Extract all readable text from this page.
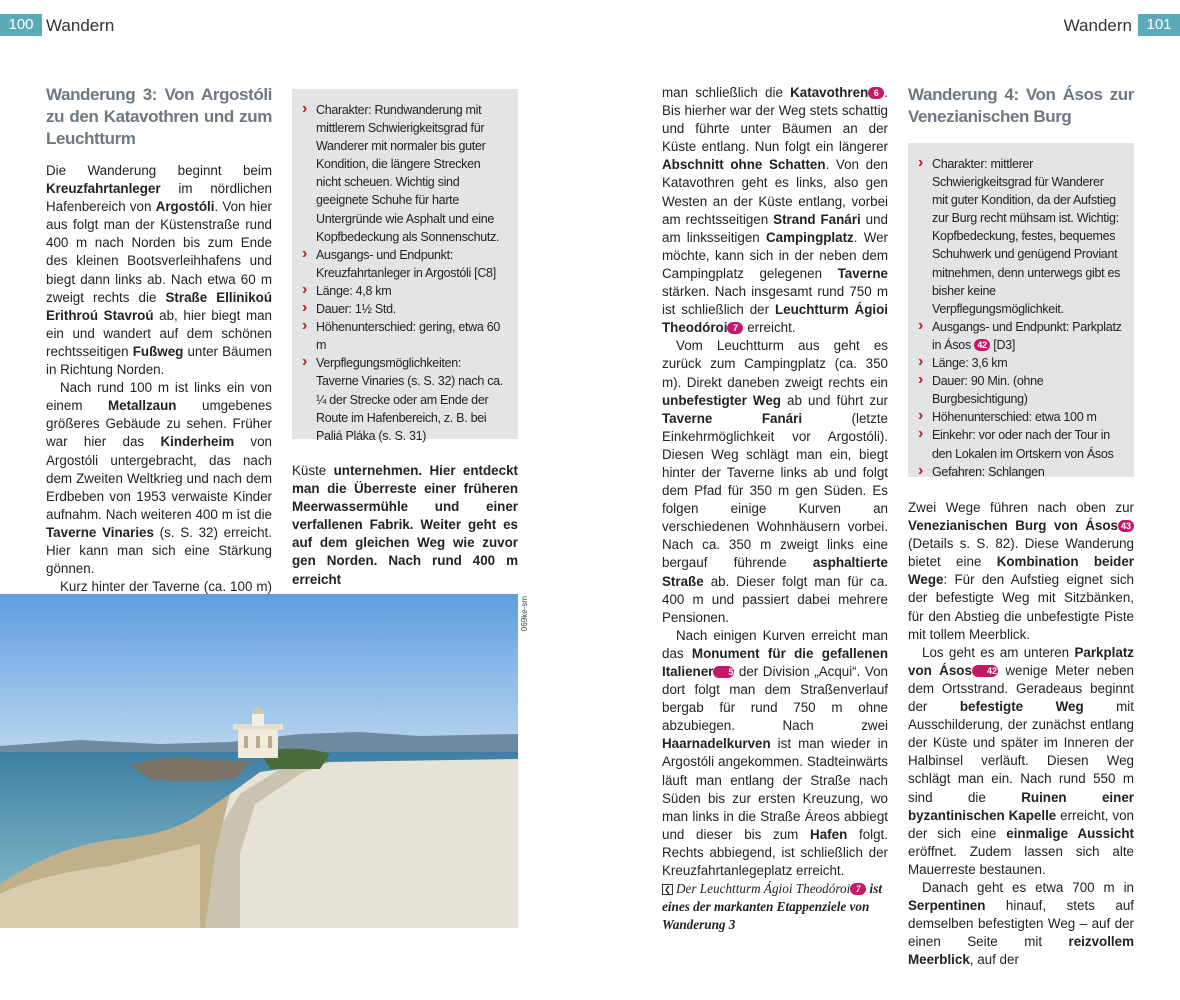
100 Wandern	Wandern 101
Wanderung 3: Von Argostóli zu den Katavothren und zum Leuchtturm

Die Wanderung beginnt beim Kreuzfahrtanleger im nördlichen Hafenbereich von Argostóli. Von hier aus folgt man der Küstenstraße rund 400 m nach Norden bis zum Ende des kleinen Bootsverleihhafens und biegt dann links ab. Nach etwa 60 m zweigt rechts die Straße Ellinikoú Erithroú Stavroú ab, hier biegt man ein und wandert auf dem schönen rechtsseitigen Fußweg unter Bäumen in Richtung Norden.

Nach rund 100 m ist links ein von einem Metallzaun umgebenes größeres Gebäude zu sehen. Früher war hier das Kinderheim von Argostóli untergebracht, das nach dem Zweiten Weltkrieg und nach dem Erdbeben von 1953 verwaiste Kinder aufnahm. Nach weiteren 400 m ist die Taverne Vinaries (s. S. 32) erreicht. Hier kann man sich eine Stärkung gönnen.

Kurz hinter der Taverne (ca. 100 m)

› Charakter: Rundwanderung mit mittlerem Schwierigkeitsgrad für Wanderer mit normaler bis guter Kondition, die längere Strecken nicht scheuen. Wichtig sind geeignete Schuhe für harte Untergründe wie Asphalt und eine Kopfbedeckung als Sonnenschutz.
› Ausgangs- und Endpunkt: Kreuzfahrtanleger in Argostóli [C8]
› Länge: 4,8 km
› Dauer: 1½ Std.
› Höhenunterschied: gering, etwa 60 m
› Verpflegungsmöglichkeiten: Taverne Vinaries (s. S. 32) nach ca. ¼ der Strecke oder am Ende der Route im Hafenbereich, z. B. bei Paliá Pláka (s. S. 31)

Küste unternehmen. Hier entdeckt man die Überreste einer früheren Meerwassermühle und einer verfallenen Fabrik. Weiter geht es auf dem gleichen Weg wie zuvor gen Norden. Nach rund 400 m erreicht

069ke-sm

man schließlich die Katavothren 6 . Bis hierher war der Weg stets schattig und führte unter Bäumen an der Küste entlang. Nun folgt ein längerer Abschnitt ohne Schatten. Von den Katavothren geht es links, also gen Westen an der Küste entlang, vorbei am rechtsseitigen Strand Fanári und am linksseitigen Campingplatz. Wer möchte, kann sich in der neben dem Campingplatz gelegenen Taverne stärken. Nach insgesamt rund 750 m ist schließlich der Leuchtturm Ágioi Theodóroi 7 erreicht.

Vom Leuchtturm aus geht es zurück zum Campingplatz (ca. 350 m). Direkt daneben zweigt rechts ein unbefestigter Weg ab und führt zur Taverne Fanári (letzte Einkehrmöglichkeit vor Argostóli). Diesen Weg schlägt man ein, biegt hinter der Taverne links ab und folgt dem Pfad für 350 m gen Süden. Es folgen einige Kurven an verschiedenen Wohnhäusern vorbei. Nach ca. 350 m zweigt links eine bergauf führende asphaltierte Straße ab. Dieser folgt man für ca. 400 m und passiert dabei mehrere Pensionen.

Nach einigen Kurven erreicht man das Monument für die gefallenen Italiener 5 der Division „Acqui“. Von dort folgt man dem Straßenverlauf bergab für rund 750 m ohne abzubiegen. Nach zwei Haarnadelkurven ist man wieder in Argostóli angekommen. Stadteinwärts läuft man entlang der Straße nach Süden bis zur ersten Kreuzung, wo man links in die Straße Áreos abbiegt und dieser bis zum Hafen folgt. Rechts abbiegend, ist schließlich der Kreuzfahrtanlegeplatz erreicht.

❮ Der Leuchtturm Ágioi Theodóroi 7 ist eines der markanten Etappenziele von Wanderung 3
Wanderung 4: Von Ásos zur Venezianischen Burg
› Charakter: mittlerer Schwierigkeitsgrad für Wanderer mit guter Kondition, da der Aufstieg zur Burg recht mühsam ist. Wichtig: Kopfbedeckung, festes, bequemes Schuhwerk und genügend Proviant mitnehmen, denn unterwegs gibt es bisher keine Verpflegungsmöglichkeit.
› Ausgangs- und Endpunkt: Parkplatz in Ásos 42 [D3]
› Länge: 3,6 km
› Dauer: 90 Min. (ohne Burgbesichtigung)
› Höhenunterschied: etwa 100 m
› Einkehr: vor oder nach der Tour in den Lokalen im Ortskern von Ásos
› Gefahren: Schlangen

Zwei Wege führen nach oben zur Venezianischen Burg von Ásos 43 (Details s. S. 82). Diese Wanderung bietet eine Kombination beider Wege: Für den Aufstieg eignet sich der befestigte Weg mit Sitzbänken, für den Abstieg die unbefestigte Piste mit tollem Meerblick.

Los geht es am unteren Parkplatz von Ásos 42 wenige Meter neben dem Ortsstrand. Geradeaus beginnt der befestigte Weg mit Ausschilderung, der zunächst entlang der Küste und später im Inneren der Halbinsel verläuft. Diesen Weg schlägt man ein. Nach rund 550 m sind die Ruinen einer byzantinischen Kapelle erreicht, von der sich eine einmalige Aussicht eröffnet. Zudem lassen sich alte Mauerreste bestaunen.

Danach geht es etwa 700 m in Serpentinen hinauf, stets auf demselben befestigten Weg – auf der einen Seite mit reizvollem Meerblick, auf der
